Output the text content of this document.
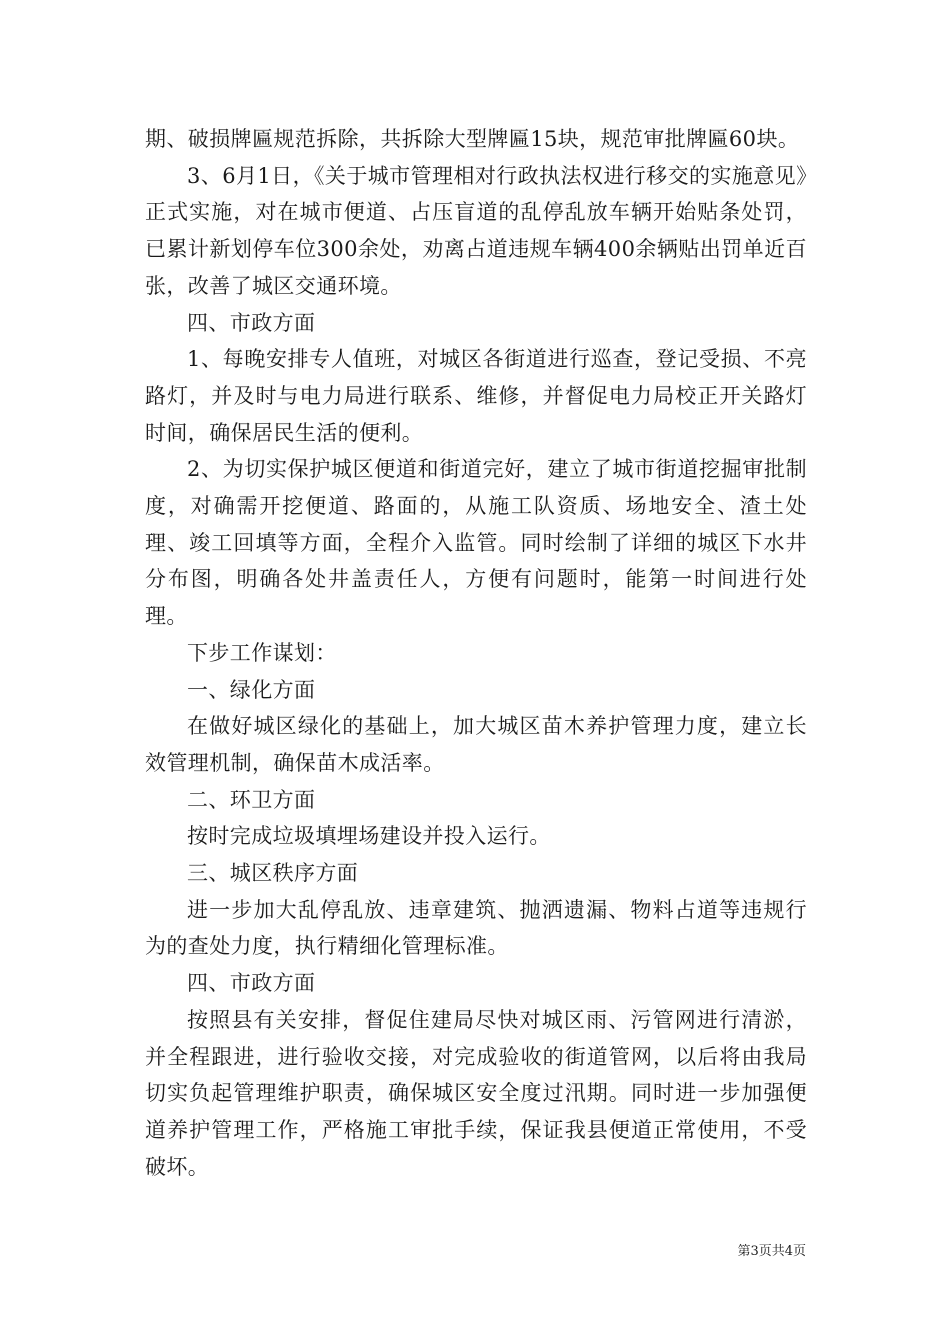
期、破损牌匾规范拆除，共拆除大型牌匾15块，规范审批牌匾60块。

3、6月1日，《关于城市管理相对行政执法权进行移交的实施意见》正式实施，对在城市便道、占压盲道的乱停乱放车辆开始贴条处罚，已累计新划停车位300余处，劝离占道违规车辆400余辆贴出罚单近百张，改善了城区交通环境。

四、市政方面

1、每晚安排专人值班，对城区各街道进行巡查，登记受损、不亮路灯，并及时与电力局进行联系、维修，并督促电力局校正开关路灯时间，确保居民生活的便利。

2、为切实保护城区便道和街道完好，建立了城市街道挖掘审批制度，对确需开挖便道、路面的，从施工队资质、场地安全、渣土处理、竣工回填等方面，全程介入监管。同时绘制了详细的城区下水井分布图，明确各处井盖责任人，方便有问题时，能第一时间进行处理。

下步工作谋划：

一、绿化方面

在做好城区绿化的基础上，加大城区苗木养护管理力度，建立长效管理机制，确保苗木成活率。

二、环卫方面

按时完成垃圾填埋场建设并投入运行。

三、城区秩序方面

进一步加大乱停乱放、违章建筑、抛洒遗漏、物料占道等违规行为的查处力度，执行精细化管理标准。

四、市政方面

按照县有关安排，督促住建局尽快对城区雨、污管网进行清淤，并全程跟进，进行验收交接，对完成验收的街道管网，以后将由我局切实负起管理维护职责，确保城区安全度过汛期。同时进一步加强便道养护管理工作，严格施工审批手续，保证我县便道正常使用，不受破坏。

第3页共4页
